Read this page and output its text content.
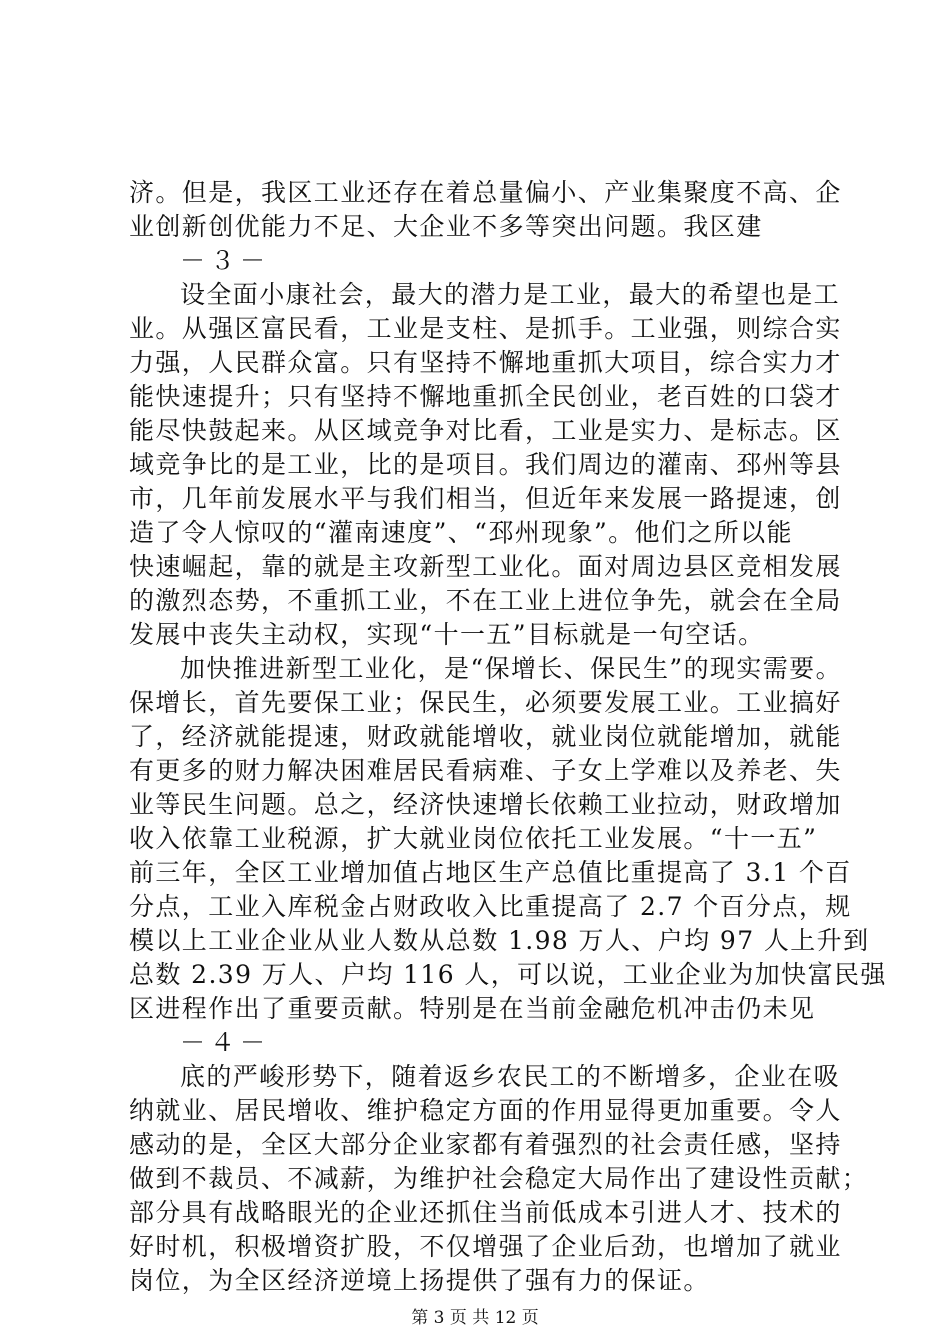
济。但是，我区工业还存在着总量偏小、产业集聚度不高、企
业创新创优能力不足、大企业不多等突出问题。我区建
－３－
设全面小康社会，最大的潜力是工业，最大的希望也是工
业。从强区富民看，工业是支柱、是抓手。工业强，则综合实
力强，人民群众富。只有坚持不懈地重抓大项目，综合实力才
能快速提升；只有坚持不懈地重抓全民创业，老百姓的口袋才
能尽快鼓起来。从区域竞争对比看，工业是实力、是标志。区
域竞争比的是工业，比的是项目。我们周边的灌南、邳州等县
市，几年前发展水平与我们相当，但近年来发展一路提速，创
造了令人惊叹的“灌南速度”、“邳州现象”。他们之所以能
快速崛起，靠的就是主攻新型工业化。面对周边县区竞相发展
的激烈态势，不重抓工业，不在工业上进位争先，就会在全局
发展中丧失主动权，实现“十一五”目标就是一句空话。
加快推进新型工业化，是“保增长、保民生”的现实需要。
保增长，首先要保工业；保民生，必须要发展工业。工业搞好
了，经济就能提速，财政就能增收，就业岗位就能增加，就能
有更多的财力解决困难居民看病难、子女上学难以及养老、失
业等民生问题。总之，经济快速增长依赖工业拉动，财政增加
收入依靠工业税源，扩大就业岗位依托工业发展。“十一五”
前三年，全区工业增加值占地区生产总值比重提高了 3.1 个百
分点，工业入库税金占财政收入比重提高了 2.7 个百分点，规
模以上工业企业从业人数从总数 1.98 万人、户均 97 人上升到
总数 2.39 万人、户均 116 人，可以说，工业企业为加快富民强
区进程作出了重要贡献。特别是在当前金融危机冲击仍未见
－４－
底的严峻形势下，随着返乡农民工的不断增多，企业在吸
纳就业、居民增收、维护稳定方面的作用显得更加重要。令人
感动的是，全区大部分企业家都有着强烈的社会责任感，坚持
做到不裁员、不减薪，为维护社会稳定大局作出了建设性贡献；
部分具有战略眼光的企业还抓住当前低成本引进人才、技术的
好时机，积极增资扩股，不仅增强了企业后劲，也增加了就业
岗位，为全区经济逆境上扬提供了强有力的保证。
第 3 页 共 12 页
